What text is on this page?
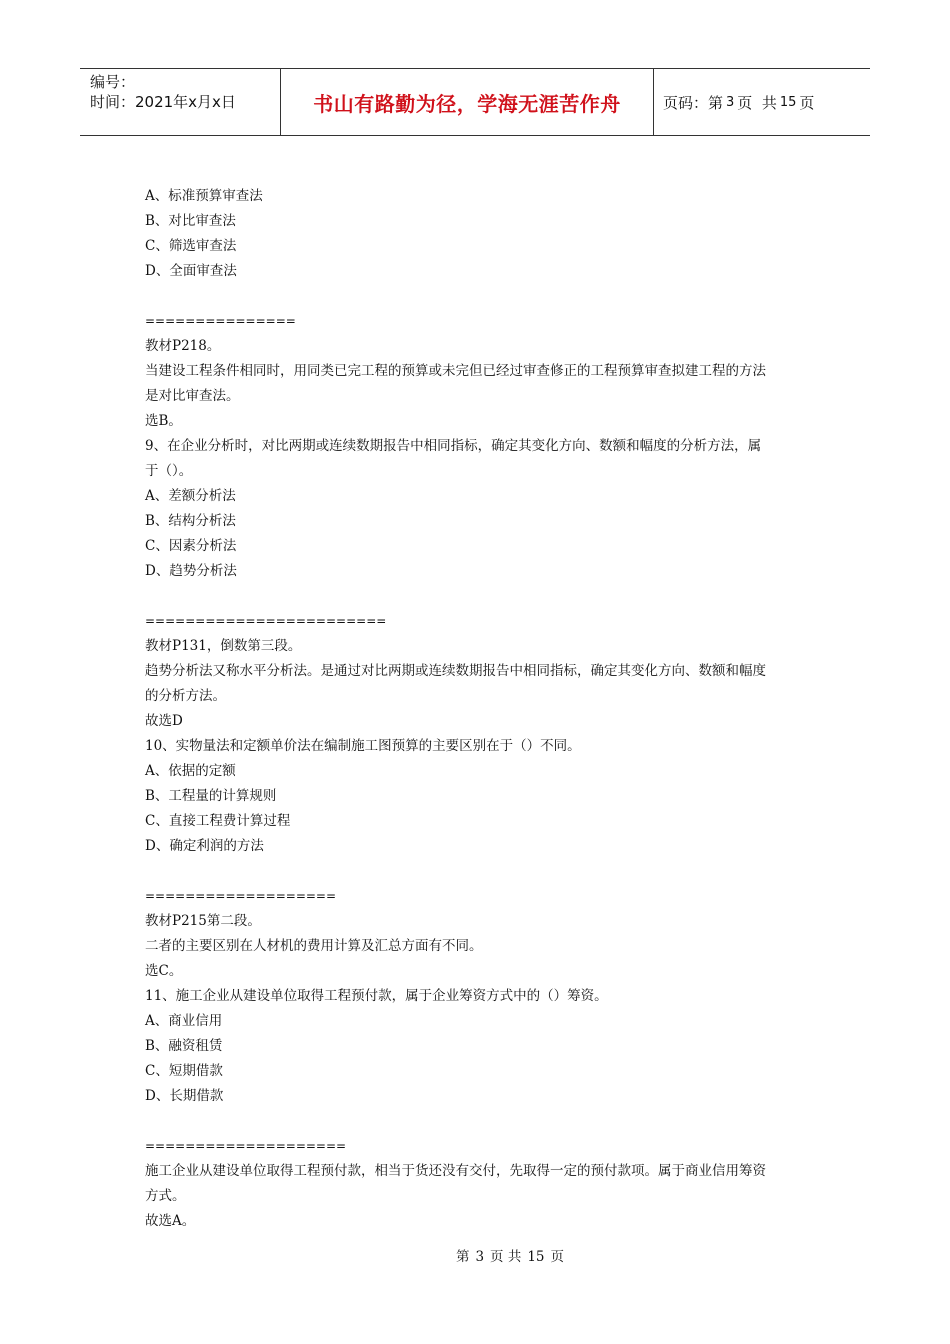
编号：
时间：2021年x月x日	书山有路勤为径，学海无涯苦作舟	页码：第 3 页  共 15 页
A、标准预算审查法
B、对比审查法
C、筛选审查法
D、全面审查法
===============
教材P218。
当建设工程条件相同时，用同类已完工程的预算或未完但已经过审查修正的工程预算审查拟建工程的方法
是对比审查法。
选B。
9、在企业分析时，对比两期或连续数期报告中相同指标，确定其变化方向、数额和幅度的分析方法，属
于（）。
A、差额分析法
B、结构分析法
C、因素分析法
D、趋势分析法
========================
教材P131，倒数第三段。
趋势分析法又称水平分析法。是通过对比两期或连续数期报告中相同指标，确定其变化方向、数额和幅度
的分析方法。
故选D
10、实物量法和定额单价法在编制施工图预算的主要区别在于（）不同。
A、依据的定额
B、工程量的计算规则
C、直接工程费计算过程
D、确定利润的方法
===================
教材P215第二段。
二者的主要区别在人材机的费用计算及汇总方面有不同。
选C。
11、施工企业从建设单位取得工程预付款，属于企业筹资方式中的（）筹资。
A、商业信用
B、融资租赁
C、短期借款
D、长期借款
====================
施工企业从建设单位取得工程预付款，相当于货还没有交付，先取得一定的预付款项。属于商业信用筹资
方式。
故选A。
第 3 页 共 15 页
